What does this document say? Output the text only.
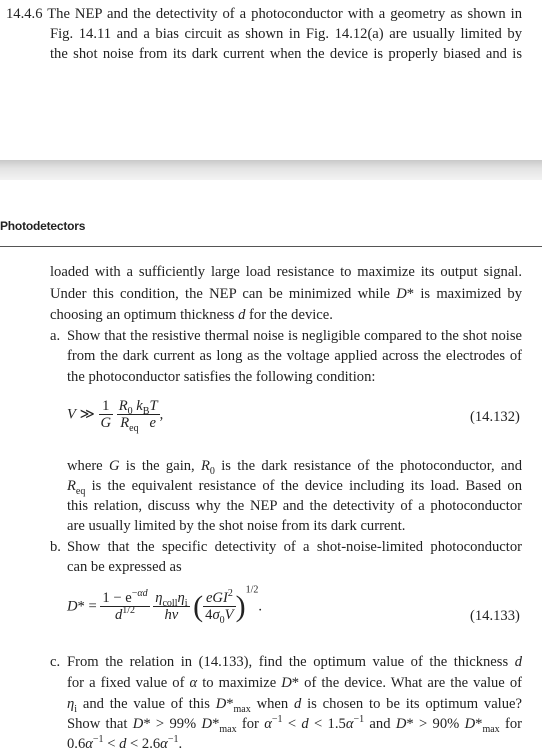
14.4.6 The NEP and the detectivity of a photoconductor with a geometry as shown in
Fig. 14.11 and a bias circuit as shown in Fig. 14.12(a) are usually limited by
the shot noise from its dark current when the device is properly biased and is
Photodetectors
loaded with a sufficiently large load resistance to maximize its output signal.
Under this condition, the NEP can be minimized while D* is maximized by
choosing an optimum thickness d for the device.
a. Show that the resistive thermal noise is negligible compared to the shot noise
from the dark current as long as the voltage applied across the electrodes of
the photoconductor satisfies the following condition:
V ≫ $\frac{1}{G}$
$\frac{R_0 k_BT}{R_{eq} e}$ ,	(14.132)
where G is the gain, $R_0$ is the dark resistance of the photoconductor, and
$R_{eq}$ is the equivalent resistance of the device including its load. Based on
this relation, discuss why the NEP and the detectivity of a photoconductor
are usually limited by the shot noise from its dark current.
b. Show that the specific detectivity of a shot-noise-limited photoconductor
can be expressed as
$D* = \frac{1 - e^{-\alpha d}}{d^{1/2}}$
$\frac{\eta_{coll}\eta_i}{h\nu}$ ( $\frac{eGI^2}{4\sigma_0V} )^{1/2}$.
(14.133)
c. From the relation in (14.133), find the optimum value of the thickness d
for a fixed value of α to maximize D* of the device. What are the value of
$\eta_i$ and the value of this $D*_{max}$ when d is chosen to be its optimum value?
Show that D* > 99% $D*_{max}$ for $\alpha^{-1} < d < 1.5\alpha^{-1}$ and D* > 90% $D*_{max}$ for
$0.6\alpha^{-1} < d < 2.6\alpha^{-1}$.
